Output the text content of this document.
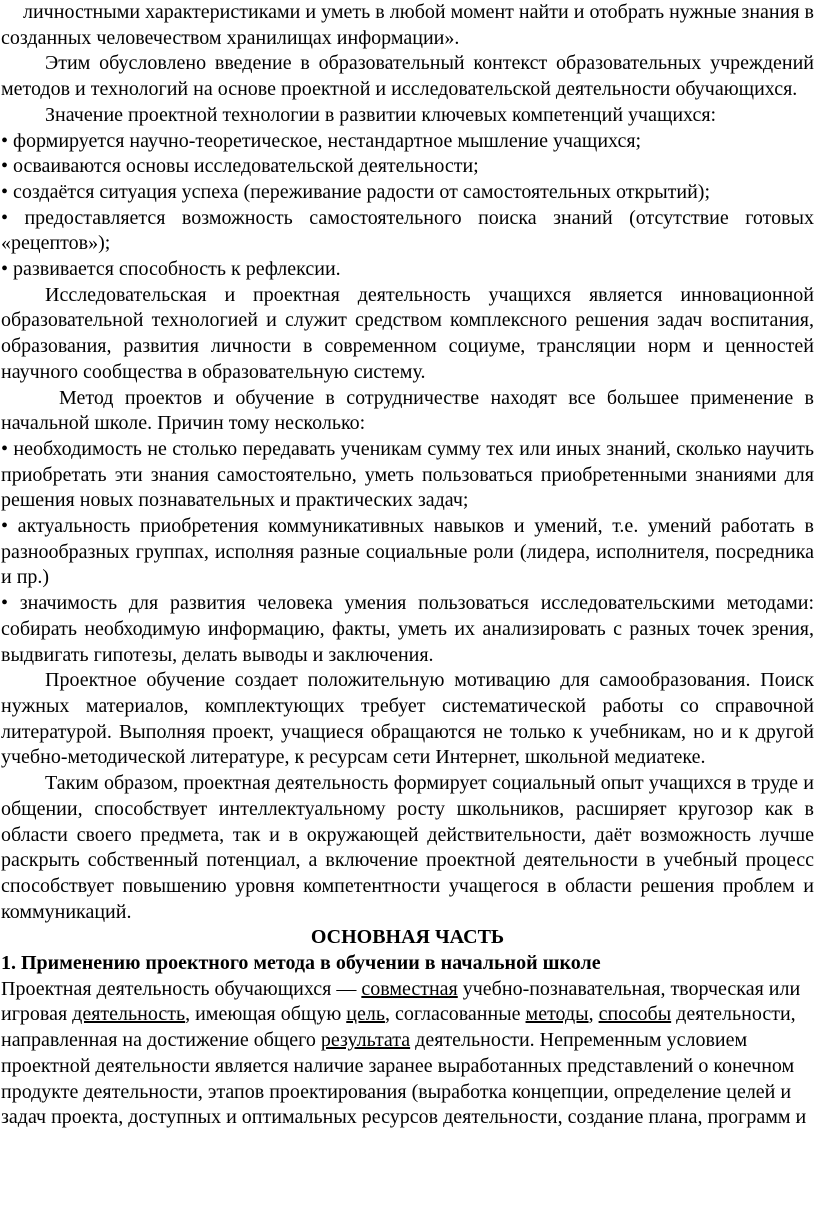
личностными характеристиками и уметь в любой момент найти и отобрать нужные знания в созданных человечеством хранилищах информации».

Этим обусловлено введение в образовательный контекст образовательных учреждений методов и технологий на основе проектной и исследовательской деятельности обучающихся.

Значение проектной технологии в развитии ключевых компетенций учащихся:

• формируется научно-теоретическое, нестандартное мышление учащихся;

• осваиваются основы исследовательской деятельности;

• создаётся ситуация успеха (переживание радости от самостоятельных открытий);

• предоставляется возможность самостоятельного поиска знаний (отсутствие готовых «рецептов»);

• развивается способность к рефлексии.

Исследовательская и проектная деятельность учащихся является инновационной образовательной технологией и служит средством комплексного решения задач воспитания, образования, развития личности в современном социуме, трансляции норм и ценностей научного сообщества в образовательную систему.

Метод проектов и обучение в сотрудничестве находят все большее применение в начальной школе. Причин тому несколько:

• необходимость не столько передавать ученикам сумму тех или иных знаний, сколько научить приобретать эти знания самостоятельно, уметь пользоваться приобретенными знаниями для решения новых познавательных и практических задач;

• актуальность приобретения коммуникативных навыков и умений, т.е. умений работать в разнообразных группах, исполняя разные социальные роли (лидера, исполнителя, посредника и пр.)

• значимость для развития человека умения пользоваться исследовательскими методами: собирать необходимую информацию, факты, уметь их анализировать с разных точек зрения, выдвигать гипотезы, делать выводы и заключения.

Проектное обучение создает положительную мотивацию для самообразования. Поиск нужных материалов, комплектующих требует систематической работы со справочной литературой. Выполняя проект, учащиеся обращаются не только к учебникам, но и к другой учебно-методической литературе, к ресурсам сети Интернет, школьной медиатеке.

Таким образом, проектная деятельность формирует социальный опыт учащихся в труде и общении, способствует интеллектуальному росту школьников, расширяет кругозор как в области своего предмета, так и в окружающей действительности, даёт возможность лучше раскрыть собственный потенциал, а включение проектной деятельности в учебный процесс способствует повышению уровня компетентности учащегося в области решения проблем и коммуникаций.

ОСНОВНАЯ ЧАСТЬ

1. Применению проектного метода в обучении в начальной школе

Проектная деятельность обучающихся — совместная учебно-познавательная, творческая или игровая деятельность, имеющая общую цель, согласованные методы, способы деятельности, направленная на достижение общего результата деятельности. Непременным условием проектной деятельности является наличие заранее выработанных представлений о конечном продукте деятельности, этапов проектирования (выработка концепции, определение целей и задач проекта, доступных и оптимальных ресурсов деятельности, создание плана, программ и
